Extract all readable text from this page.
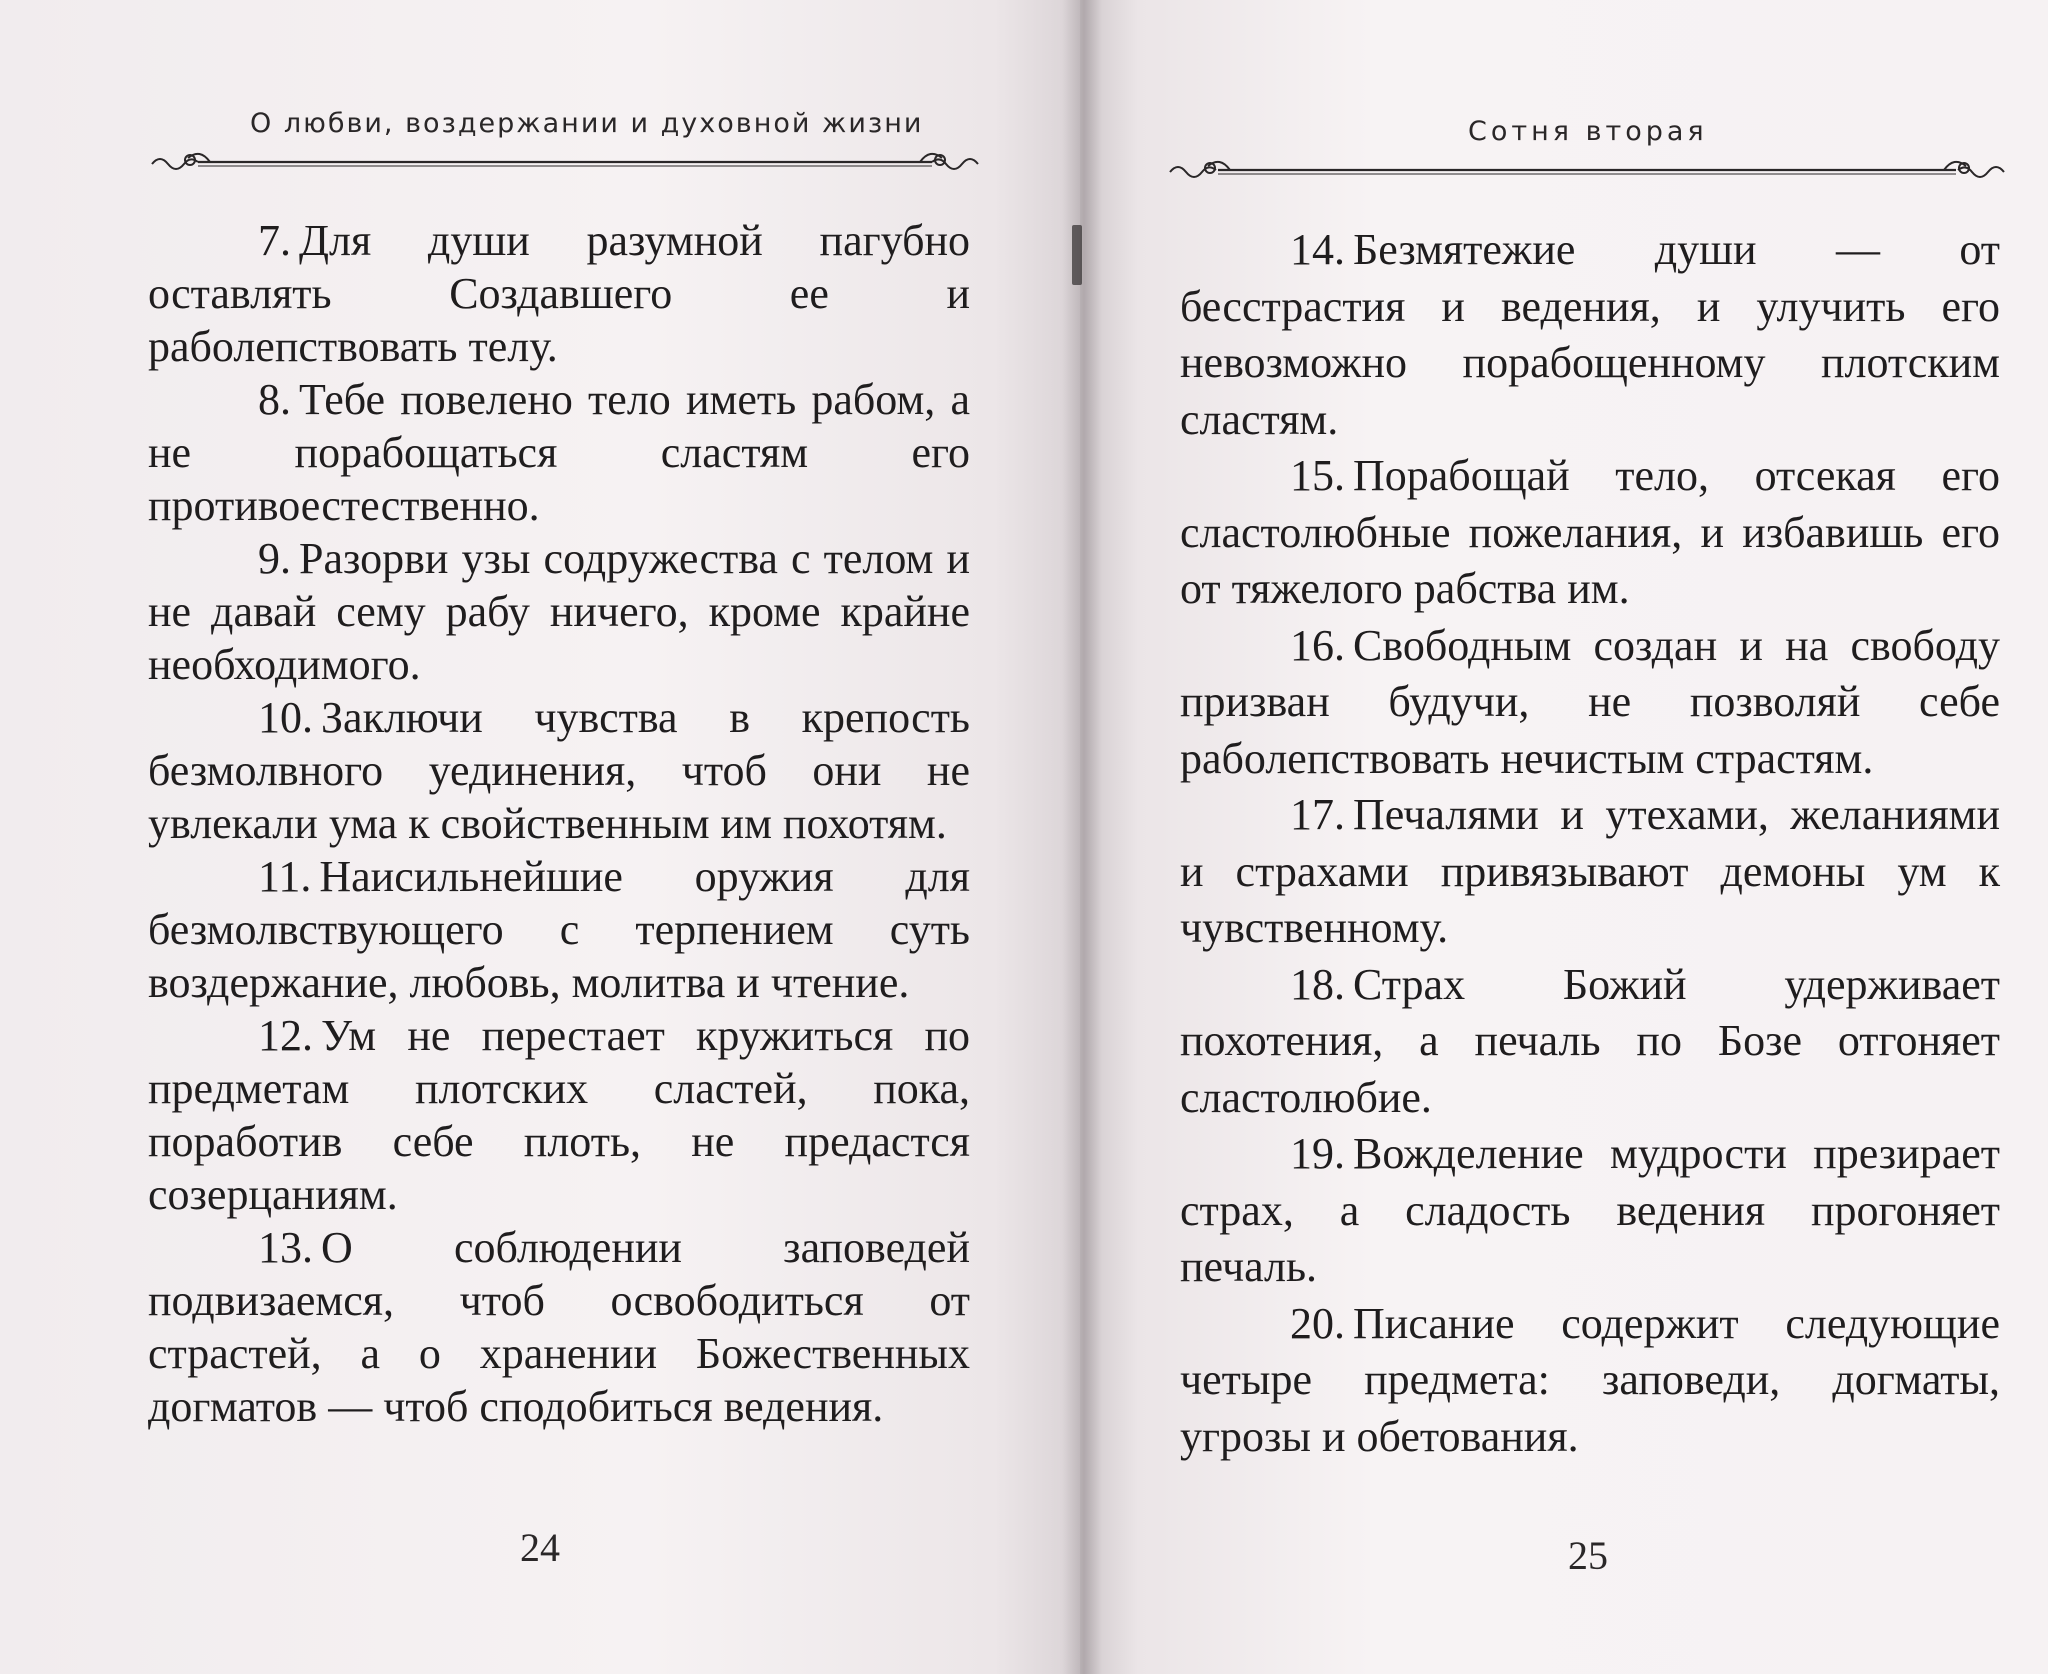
О любви, воздержании и духовной жизни

7. Для души разумной пагубно оставлять Создавшего ее и раболепствовать телу.

8. Тебе повелено тело иметь рабом, а не порабощаться сластям его противоестественно.

9. Разорви узы содружества с телом и не давай сему рабу ничего, кроме крайне необходимого.

10. Заключи чувства в крепость безмолвного уединения, чтоб они не увлекали ума к свойственным им похотям.

11. Наисильнейшие оружия для безмолвствующего с терпением суть воздержание, любовь, молитва и чтение.

12. Ум не перестает кружиться по предметам плотских сластей, пока, поработив себе плоть, не предастся созерцаниям.

13. О соблюдении заповедей подвизаемся, чтоб освободиться от страстей, а о хранении Божественных догматов — чтоб сподобиться ведения.

24
Сотня вторая

14. Безмятежие души — от бесстрастия и ведения, и улучить его невозможно порабощенному плотским сластям.

15. Порабощай тело, отсекая его сластолюбные пожелания, и избавишь его от тяжелого рабства им.

16. Свободным создан и на свободу призван будучи, не позволяй себе раболепствовать нечистым страстям.

17. Печалями и утехами, желаниями и страхами привязывают демоны ум к чувственному.

18. Страх Божий удерживает похотения, а печаль по Бозе отгоняет сластолюбие.

19. Вожделение мудрости презирает страх, а сладость ведения прогоняет печаль.

20. Писание содержит следующие четыре предмета: заповеди, догматы, угрозы и обетования.

25
